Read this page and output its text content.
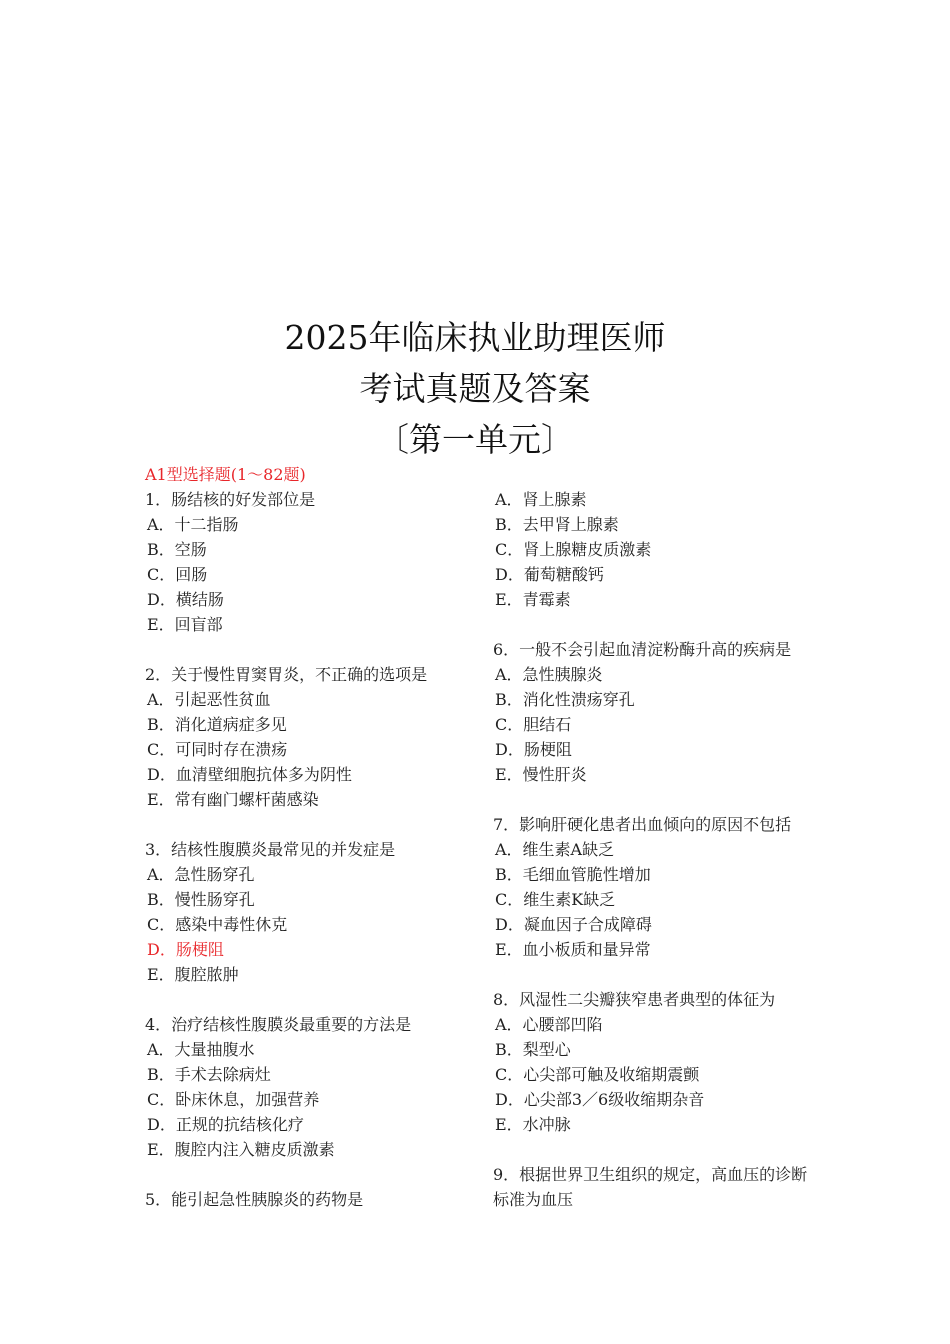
2025年临床执业助理医师
考试真题及答案
〔第一单元〕
A1型选择题(1～82题)
1．肠结核的好发部位是
A．十二指肠
B．空肠
C．回肠
D．横结肠
E．回盲部
2．关于慢性胃窦胃炎，不正确的选项是
A．引起恶性贫血
B．消化道病症多见
C．可同时存在溃疡
D．血清壁细胞抗体多为阴性
E．常有幽门螺杆菌感染
3．结核性腹膜炎最常见的并发症是
A．急性肠穿孔
B．慢性肠穿孔
C．感染中毒性休克
D．肠梗阻
E．腹腔脓肿
4．治疗结核性腹膜炎最重要的方法是
A．大量抽腹水
B．手术去除病灶
C．卧床休息，加强营养
D．正规的抗结核化疗
E．腹腔内注入糖皮质激素
5．能引起急性胰腺炎的药物是
A．肾上腺素
B．去甲肾上腺素
C．肾上腺糖皮质激素
D．葡萄糖酸钙
E．青霉素
6．一般不会引起血清淀粉酶升高的疾病是
A．急性胰腺炎
B．消化性溃疡穿孔
C．胆结石
D．肠梗阻
E．慢性肝炎
7．影响肝硬化患者出血倾向的原因不包括
A．维生素A缺乏
B．毛细血管脆性增加
C．维生素K缺乏
D．凝血因子合成障碍
E．血小板质和量异常
8．风湿性二尖瓣狭窄患者典型的体征为
A．心腰部凹陷
B．梨型心
C．心尖部可触及收缩期震颤
D．心尖部3／6级收缩期杂音
E．水冲脉
9．根据世界卫生组织的规定，高血压的诊断标准为血压
